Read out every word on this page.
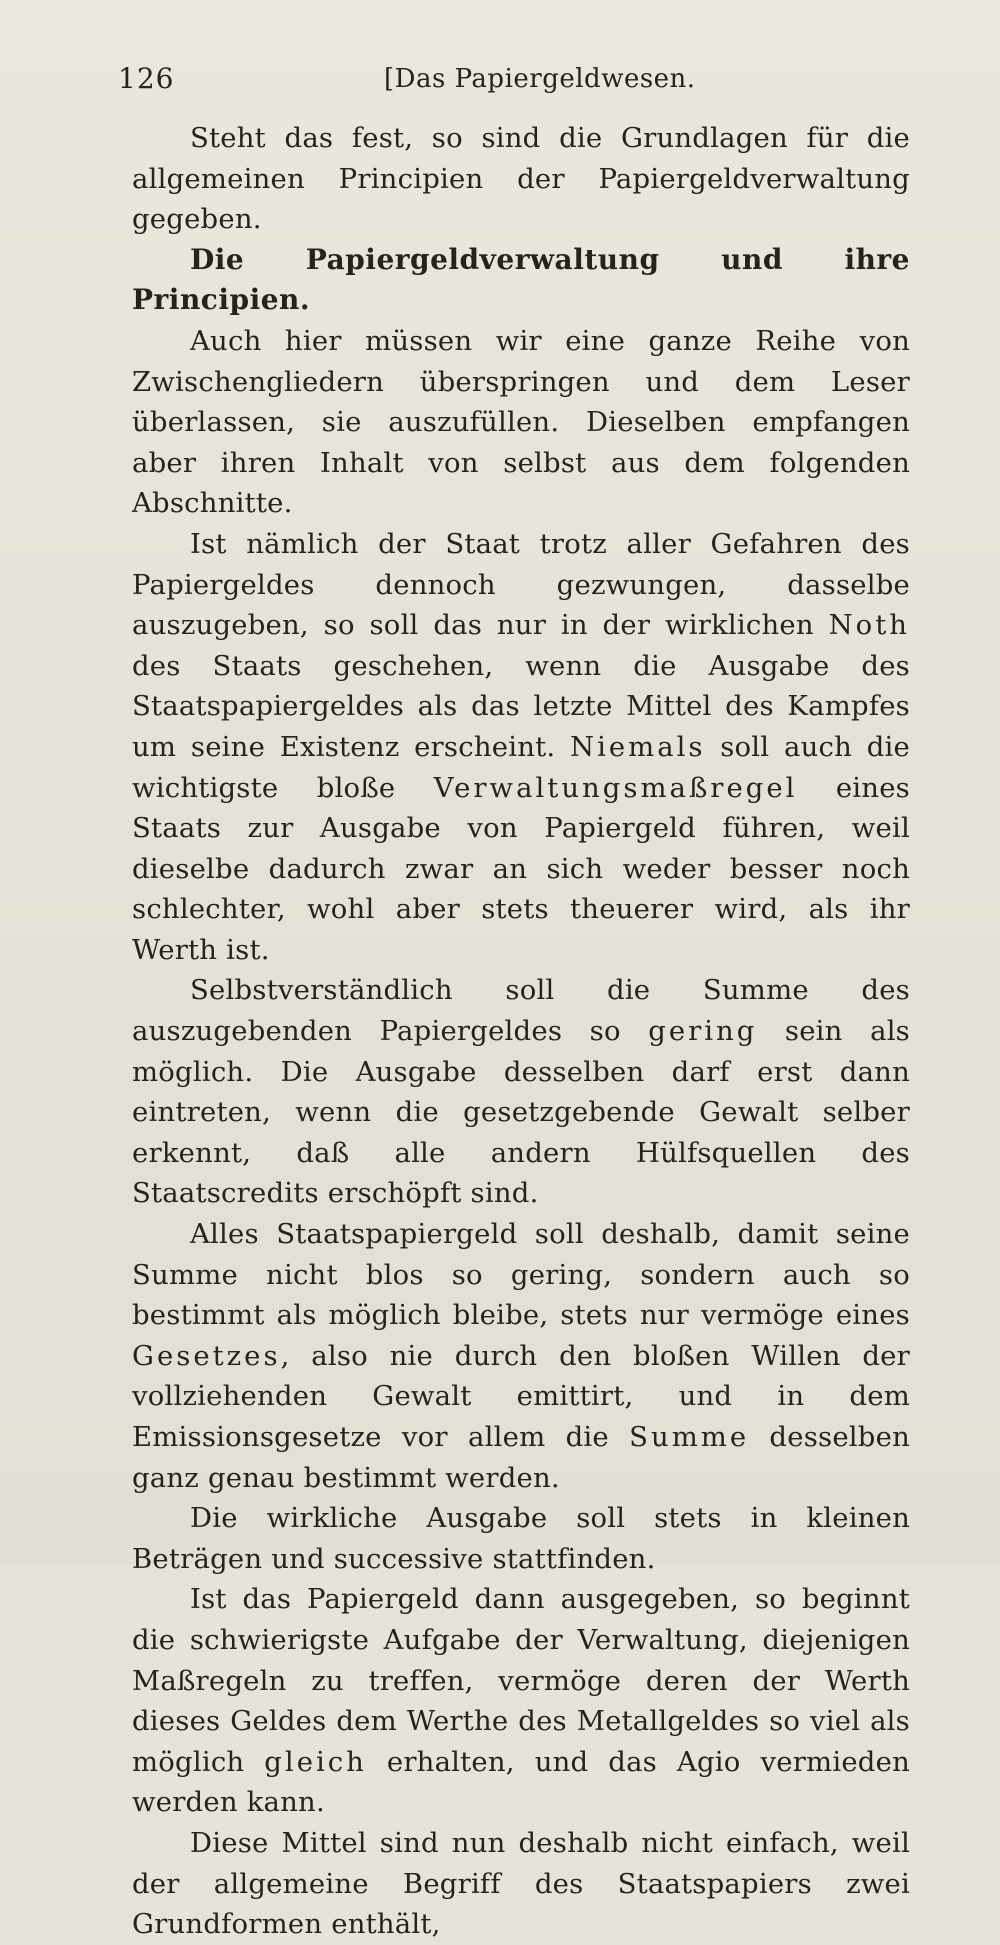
126	[Das Papiergeldwesen.

Steht das fest, so sind die Grundlagen für die allgemeinen Principien der Papiergeldverwaltung gegeben.

Die Papiergeldverwaltung und ihre Principien.

Auch hier müssen wir eine ganze Reihe von Zwischengliedern überspringen und dem Leser überlassen, sie auszufüllen. Dieselben empfangen aber ihren Inhalt von selbst aus dem folgenden Abschnitte.

Ist nämlich der Staat trotz aller Gefahren des Papiergeldes dennoch gezwungen, dasselbe auszugeben, so soll das nur in der wirklichen Noth des Staats geschehen, wenn die Ausgabe des Staatspapiergeldes als das letzte Mittel des Kampfes um seine Existenz erscheint. Niemals soll auch die wichtigste bloße Verwaltungsmaßregel eines Staats zur Ausgabe von Papiergeld führen, weil dieselbe dadurch zwar an sich weder besser noch schlechter, wohl aber stets theuerer wird, als ihr Werth ist.

Selbstverständlich soll die Summe des auszugebenden Papiergeldes so gering sein als möglich. Die Ausgabe desselben darf erst dann eintreten, wenn die gesetzgebende Gewalt selber erkennt, daß alle andern Hülfsquellen des Staatscredits erschöpft sind.

Alles Staatspapiergeld soll deshalb, damit seine Summe nicht blos so gering, sondern auch so bestimmt als möglich bleibe, stets nur vermöge eines Gesetzes, also nie durch den bloßen Willen der vollziehenden Gewalt emittirt, und in dem Emissionsgesetze vor allem die Summe desselben ganz genau bestimmt werden.

Die wirkliche Ausgabe soll stets in kleinen Beträgen und successive stattfinden.

Ist das Papiergeld dann ausgegeben, so beginnt die schwierigste Aufgabe der Verwaltung, diejenigen Maßregeln zu treffen, vermöge deren der Werth dieses Geldes dem Werthe des Metallgeldes so viel als möglich gleich erhalten, und das Agio vermieden werden kann.

Diese Mittel sind nun deshalb nicht einfach, weil der allgemeine Begriff des Staatspapiers zwei Grundformen enthält,
